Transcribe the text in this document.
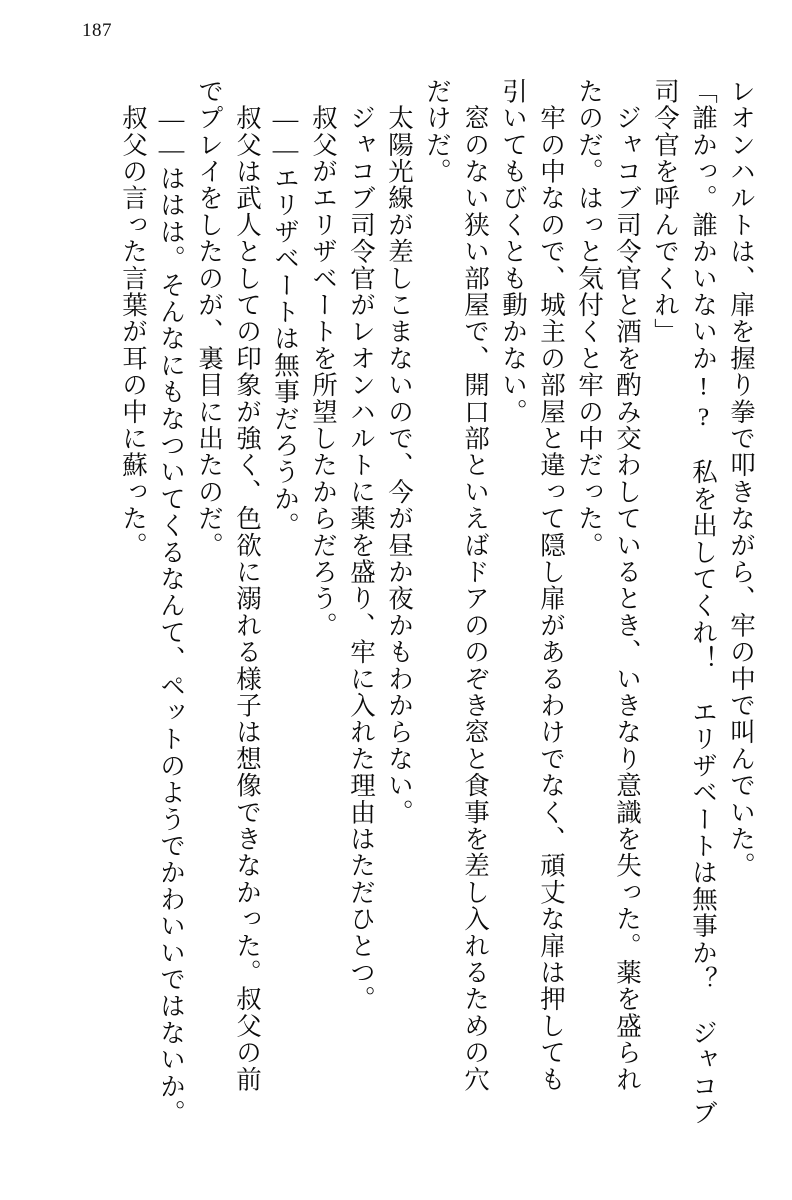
187
レオンハルトは、扉を握り拳で叩きながら、牢の中で叫んでいた。
「誰かっ。誰かいないか!?　私を出してくれ！　エリザベートは無事か？　ジャコブ
司令官を呼んでくれ」
　ジャコブ司令官と酒を酌み交わしているとき、いきなり意識を失った。薬を盛られ
たのだ。はっと気付くと牢の中だった。
　牢の中なので、城主の部屋と違って隠し扉があるわけでなく、頑丈な扉は押しても
引いてもびくとも動かない。
　窓のない狭い部屋で、開口部といえばドアののぞき窓と食事を差し入れるための穴
だけだ。
　太陽光線が差しこまないので、今が昼か夜かもわからない。
　ジャコブ司令官がレオンハルトに薬を盛り、牢に入れた理由はただひとつ。
　叔父がエリザベートを所望したからだろう。
　――エリザベートは無事だろうか。
　叔父は武人としての印象が強く、色欲に溺れる様子は想像できなかった。叔父の前
でプレイをしたのが、裏目に出たのだ。
　――ははは。そんなにもなついてくるなんて、ペットのようでかわいいではないか。
　叔父の言った言葉が耳の中に蘇った。
